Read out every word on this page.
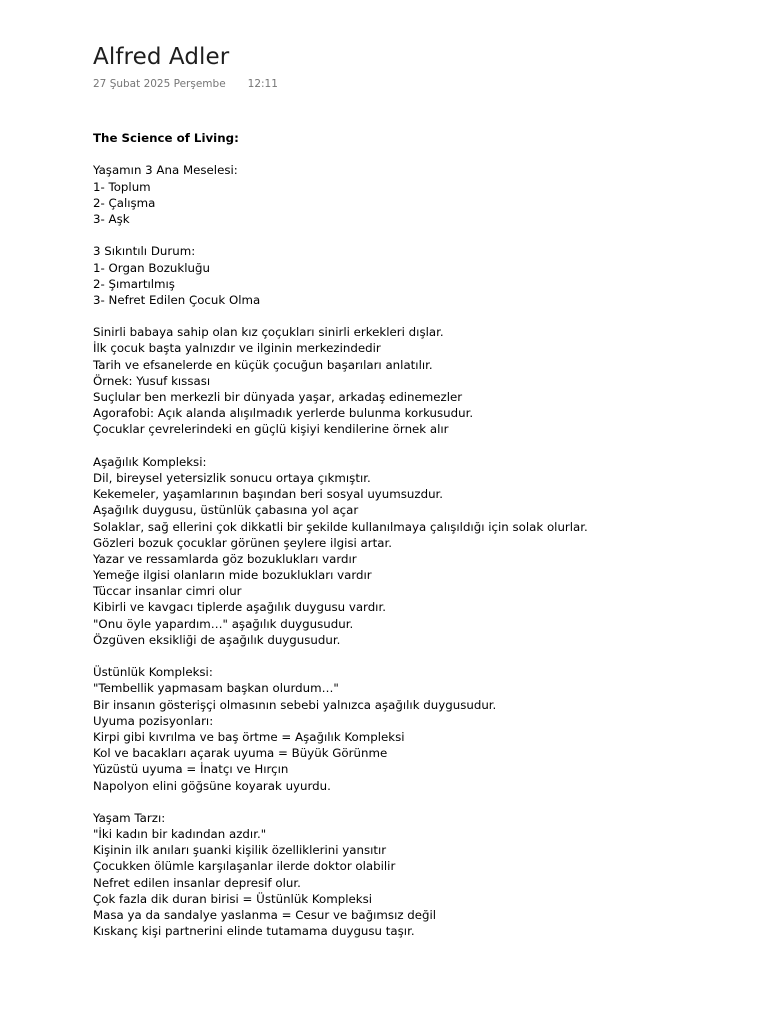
Alfred Adler
27 Şubat 2025 Perşembe 12:11
The Science of Living:
Yaşamın 3 Ana Meselesi:
1- Toplum
2- Çalışma
3- Aşk
3 Sıkıntılı Durum:
1- Organ Bozukluğu
2- Şımartılmış
3- Nefret Edilen Çocuk Olma
Sinirli babaya sahip olan kız çoçukları sinirli erkekleri dışlar.
İlk çocuk başta yalnızdır ve ilginin merkezindedir
Tarih ve efsanelerde en küçük çocuğun başarıları anlatılır.
Örnek: Yusuf kıssası
Suçlular ben merkezli bir dünyada yaşar, arkadaş edinemezler
Agorafobi: Açık alanda alışılmadık yerlerde bulunma korkusudur.
Çocuklar çevrelerindeki en güçlü kişiyi kendilerine örnek alır
Aşağılık Kompleksi:
Dil, bireysel yetersizlik sonucu ortaya çıkmıştır.
Kekemeler, yaşamlarının başından beri sosyal uyumsuzdur.
Aşağılık duygusu, üstünlük çabasına yol açar
Solaklar, sağ ellerini çok dikkatli bir şekilde kullanılmaya çalışıldığı için solak olurlar.
Gözleri bozuk çocuklar görünen şeylere ilgisi artar.
Yazar ve ressamlarda göz bozuklukları vardır
Yemeğe ilgisi olanların mide bozuklukları vardır
Tüccar insanlar cimri olur
Kibirli ve kavgacı tiplerde aşağılık duygusu vardır.
"Onu öyle yapardım…" aşağılık duygusudur.
Özgüven eksikliği de aşağılık duygusudur.
Üstünlük Kompleksi:
"Tembellik yapmasam başkan olurdum…"
Bir insanın gösterişçi olmasının sebebi yalnızca aşağılık duygusudur.
Uyuma pozisyonları:
Kirpi gibi kıvrılma ve baş örtme = Aşağılık Kompleksi
Kol ve bacakları açarak uyuma = Büyük Görünme
Yüzüstü uyuma = İnatçı ve Hırçın
Napolyon elini göğsüne koyarak uyurdu.
Yaşam Tarzı:
"İki kadın bir kadından azdır."
Kişinin ilk anıları şuanki kişilik özelliklerini yansıtır
Çocukken ölümle karşılaşanlar ilerde doktor olabilir
Nefret edilen insanlar depresif olur.
Çok fazla dik duran birisi = Üstünlük Kompleksi
Masa ya da sandalye yaslanma = Cesur ve bağımsız değil
Kıskanç kişi partnerini elinde tutamama duygusu taşır.
